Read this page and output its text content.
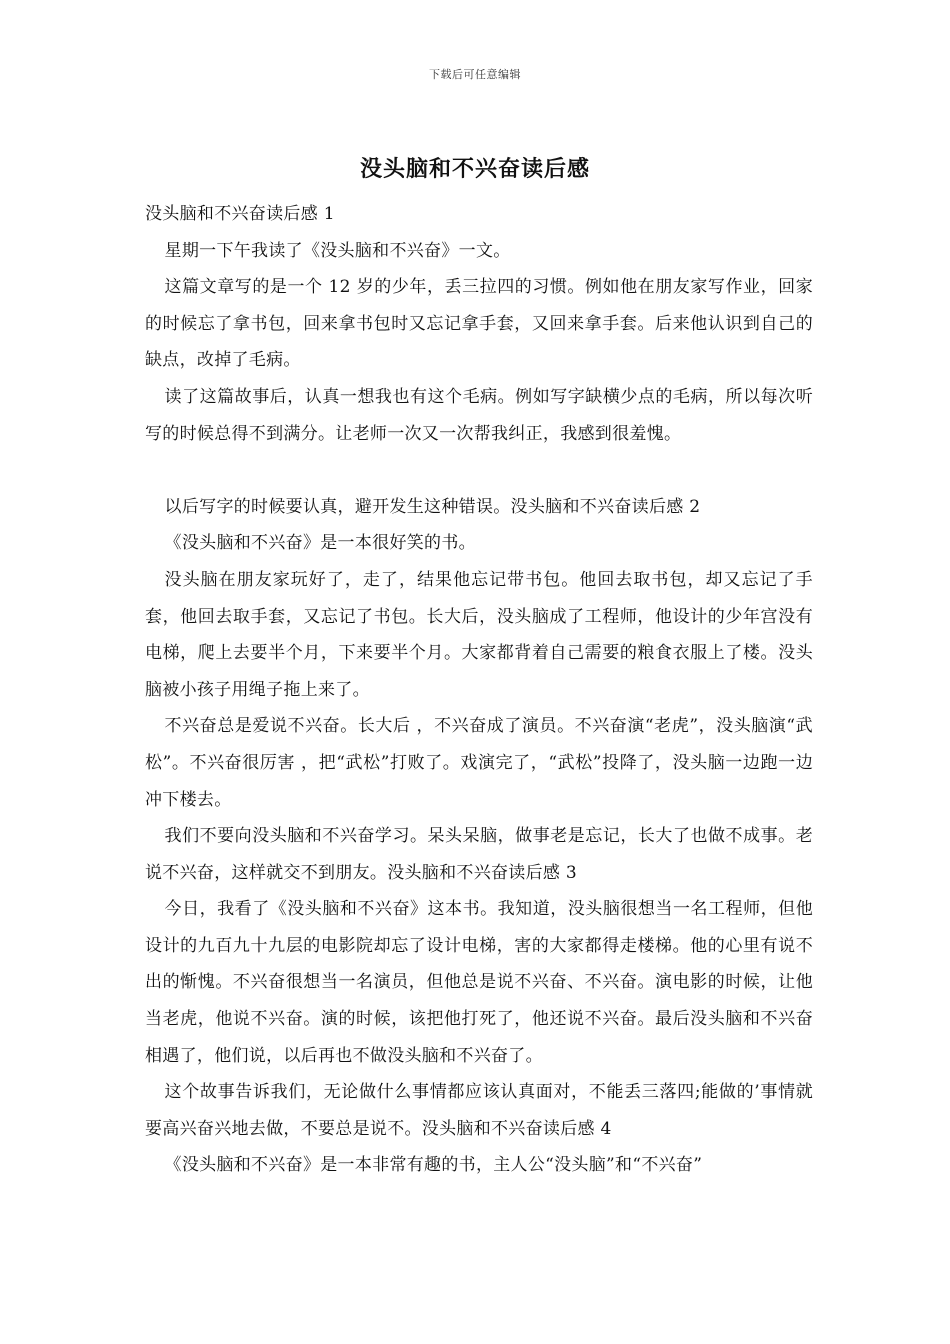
下载后可任意编辑
没头脑和不兴奋读后感

没头脑和不兴奋读后感 1

星期一下午我读了《没头脑和不兴奋》一文。

这篇文章写的是一个 12 岁的少年，丢三拉四的习惯。例如他在朋友家写作业，回家的时候忘了拿书包，回来拿书包时又忘记拿手套，又回来拿手套。后来他认识到自己的缺点，改掉了毛病。

读了这篇故事后，认真一想我也有这个毛病。例如写字缺横少点的毛病，所以每次听写的时候总得不到满分。让老师一次又一次帮我纠正，我感到很羞愧。

以后写字的时候要认真，避开发生这种错误。没头脑和不兴奋读后感 2

《没头脑和不兴奋》是一本很好笑的书。

没头脑在朋友家玩好了，走了，结果他忘记带书包。他回去取书包，却又忘记了手套，他回去取手套，又忘记了书包。长大后，没头脑成了工程师，他设计的少年宫没有电梯，爬上去要半个月，下来要半个月。大家都背着自己需要的粮食衣服上了楼。没头脑被小孩子用绳子拖上来了。

不兴奋总是爱说不兴奋。长大后 ，不兴奋成了演员。不兴奋演“老虎”，没头脑演“武松”。不兴奋很厉害 ，把“武松”打败了。戏演完了，“武松”投降了，没头脑一边跑一边冲下楼去。

我们不要向没头脑和不兴奋学习。呆头呆脑，做事老是忘记，长大了也做不成事。老说不兴奋，这样就交不到朋友。没头脑和不兴奋读后感 3

今日，我看了《没头脑和不兴奋》这本书。我知道，没头脑很想当一名工程师，但他设计的九百九十九层的电影院却忘了设计电梯，害的大家都得走楼梯。他的心里有说不出的惭愧。不兴奋很想当一名演员，但他总是说不兴奋、不兴奋。演电影的时候，让他当老虎，他说不兴奋。演的时候，该把他打死了，他还说不兴奋。最后没头脑和不兴奋相遇了，他们说，以后再也不做没头脑和不兴奋了。

这个故事告诉我们，无论做什么事情都应该认真面对，不能丢三落四;能做的’事情就要高兴奋兴地去做，不要总是说不。没头脑和不兴奋读后感 4

《没头脑和不兴奋》是一本非常有趣的书，主人公“没头脑”和“不兴奋”
